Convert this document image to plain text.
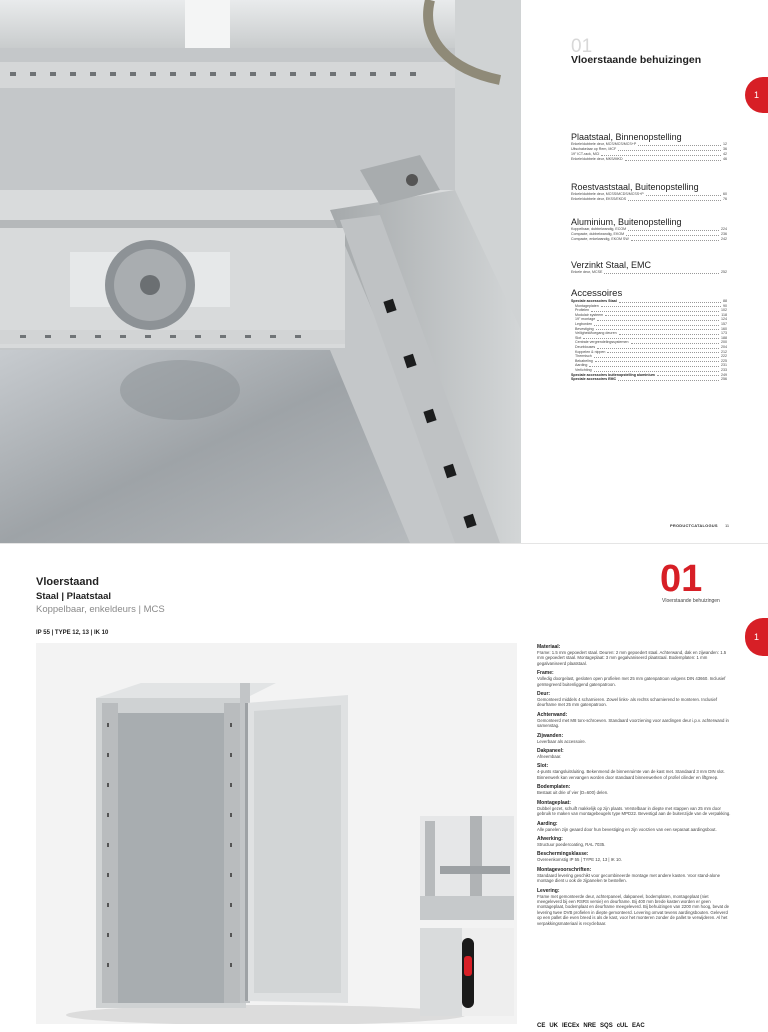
01
Vloerstaande behuizingen
1
Plaatstaal, Binnenopstelling
Enkele/dubbele deur, MCS/MCS/MCS+P	12
Uitschakelaar op Rem, MCF	36
19" ICT-rack, MCI	42
Enkele/dubbele deur, MKS/MKD	46
Roestvaststaal, Buitenopstelling
Enkele/dubbele deur, MCSS/MCDS/MCSS+P	60
Enkele/dubbele deur, EKSS/EKDS	76
Aluminium, Buitenopstelling
Koppelbaar, dubbelwandig, ECOM	224
Compacte, dubbelwandig, EKOM	236
Compacte, enkelwandig, EKOM SW	242
Verzinkt Staal, EMC
Enkele deur, MCSE	252
Accessoires
Speciale accessoires Staal	88
Montageplaten	90
Profielen	102
Modulair systeem	118
19" montage	124
Legborden	157
Bevestiging	160
Veiligheid/toegang deuren	173
Slot	188
Centrale vergrendelingssystemen	200
Deurblouses	204
Koppelen & nippen	212
Thermisch	222
Bekabeling	225
Aarding	231
Verlichting	233
Speciale accessoires buitenopstelling aluminium	249
Speciale accessoires EMC	256
PRODUCTCATALOGUS 11
Vloerstaand
Staal | Plaatstaal
Koppelbaar, enkeldeurs | MCS
01
Vloerstaande behuizingen
1
IP 55 | TYPE 12, 13 | IK 10
Materiaal:
Frame: 1.5 mm gepoedert staal. Deuren: 2 mm gepoedert staal. Achterwand, dak en zijwanden: 1.5 mm gepoedert staal. Montageplaat: 3 mm gegalvaniseerd plaatstaal. Bodemplaten: 1 mm gegalvaniseerd plaatstaal.
Frame:
Volledig doorgelast, gesloten open profielen met 25 mm gatenpatroon volgens DIN 43660. Inclusief geïntegreerd buitenliggend gatenpatroon.
Deur:
Gemonteerd middels 4 scharnieren. Zowel links- als rechts scharnierend te monteren. Inclusief deurframe met 25 mm gatenpatroon.
Achterwand:
Gemonteerd met M8 torx-schroeven. Standaard voorziening voor aardingen deur i.p.v. achterwand in samenstag.
Zijwanden:
Leverbaar als accessoire.
Dakpaneel:
Afneembaar.
Slot:
4-punts stangsluitsluiting. Bekenmend de binnenruimte van de kast met. Standaard 3 mm DIN slot. Binnenwerk kan vervangen worden door standaard binnenwerken of profiel cilinder en liftgreep.
Bodemplaten:
Bestaat uit drie of vier (D=600) delen.
Montageplaat:
Dubbel gezet, schuift makkelijk op zijn plaats. Verstelbaar in diepte met stappen van 25 mm door gebruik te maken van montagebeugels type MPD22. Bevestigd aan de buitenzijde van de verpakking.
Aarding:
Alle panelen zijn geaard door hun bevestiging en zijn voorzien van een separaat aardingsbout.
Afwerking:
Structuur poedercoating, RAL 7035.
Beschermingsklasse:
Overeenkomstig IP 55 | TYPE 12, 13 | IK 10.
Montagevoorschriften:
Standaard levering geschikt voor gecombineerde montage met andere kasten. Voor stand-alone montage dient u ook de zijpanelen te bestellen.
Levering:
Frame met gemonteerde deur, achterpaneel, dakpaneel, bodemplaten, montageplaat (niet meegeleverd bij een RSRS versie) en deurframe. Bij 400 mm brede kasten worden er geen montageplaat, bodemplaat en deurframe meegeleverd. Bij behuizingen van 2200 mm hoog, bevat de levering twee DVB profielen in diepte gemonteerd. Levering omvat tevens aardingsbouten. Geleverd op een pallet die even breed is als de kast, voor het monteren zonder de pallet te verwijderen. Al het verpakkingsmateriaal is recyclebaar.
CE UK IECEx NRE SQS cUL EAC
